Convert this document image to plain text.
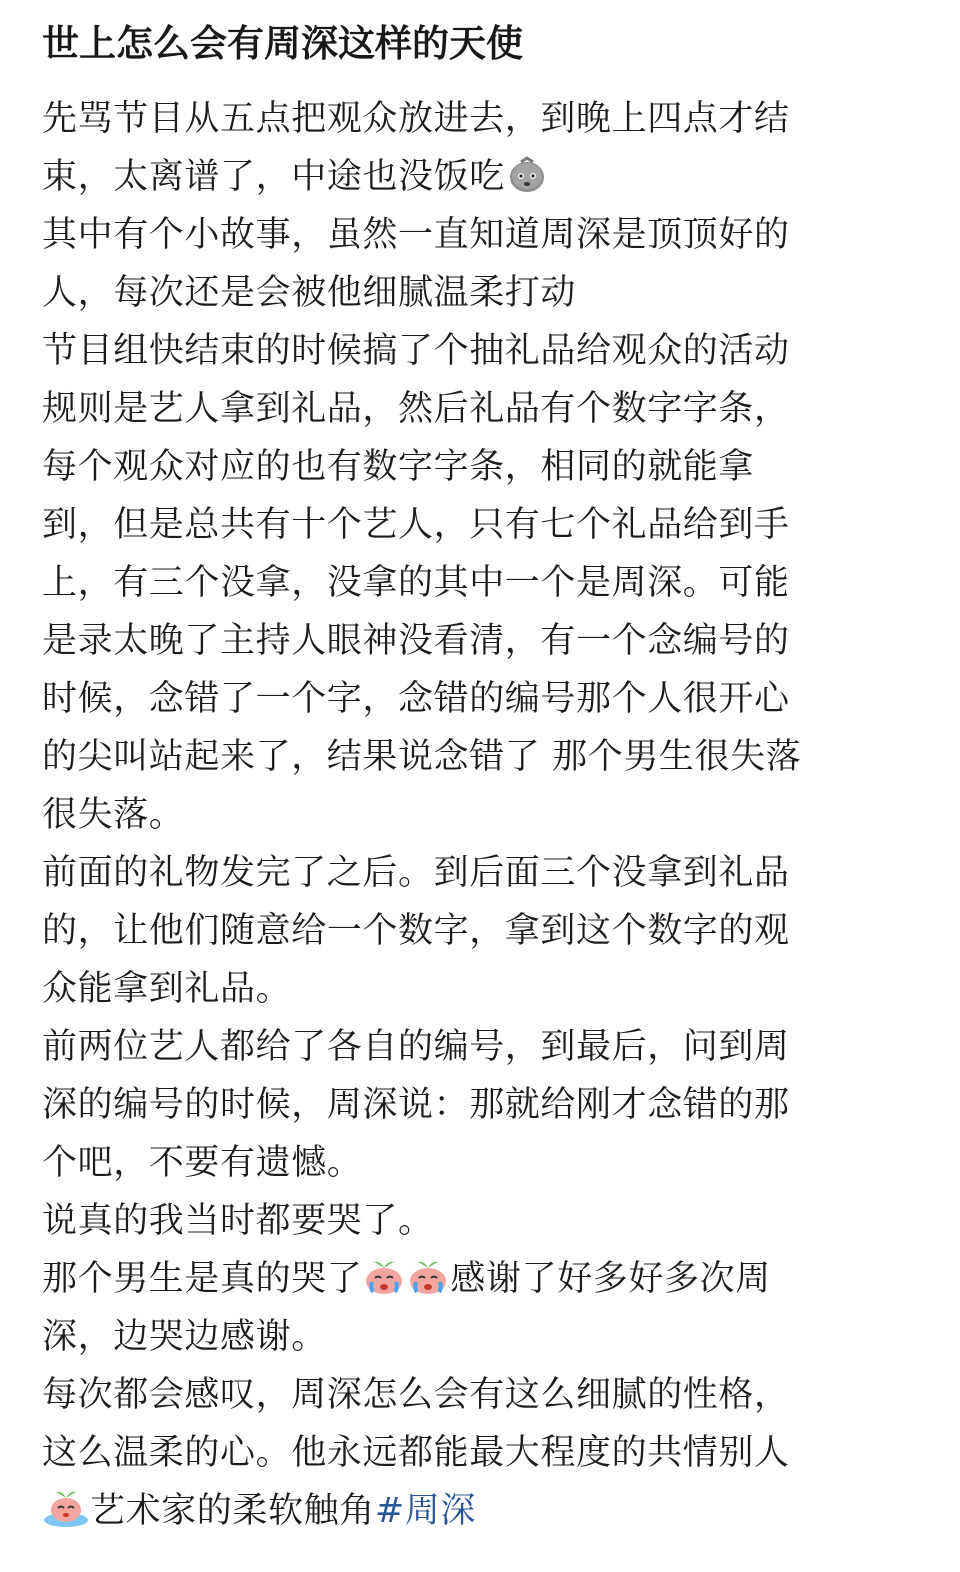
世上怎么会有周深这样的天使
先骂节目从五点把观众放进去，到晚上四点才结
束，太离谱了，中途也没饭吃
其中有个小故事，虽然一直知道周深是顶顶好的
人，每次还是会被他细腻温柔打动
节目组快结束的时候搞了个抽礼品给观众的活动
规则是艺人拿到礼品，然后礼品有个数字字条，
每个观众对应的也有数字字条，相同的就能拿
到，但是总共有十个艺人，只有七个礼品给到手
上，有三个没拿，没拿的其中一个是周深。可能
是录太晚了主持人眼神没看清，有一个念编号的
时候，念错了一个字，念错的编号那个人很开心
的尖叫站起来了，结果说念错了 那个男生很失落
很失落。
前面的礼物发完了之后。到后面三个没拿到礼品
的，让他们随意给一个数字，拿到这个数字的观
众能拿到礼品。
前两位艺人都给了各自的编号，到最后，问到周
深的编号的时候，周深说：那就给刚才念错的那
个吧，不要有遗憾。
说真的我当时都要哭了。
那个男生是真的哭了	感谢了好多好多次周
深，边哭边感谢。
每次都会感叹，周深怎么会有这么细腻的性格，
这么温柔的心。他永远都能最大程度的共情别人
艺术家的柔软触角#周深
